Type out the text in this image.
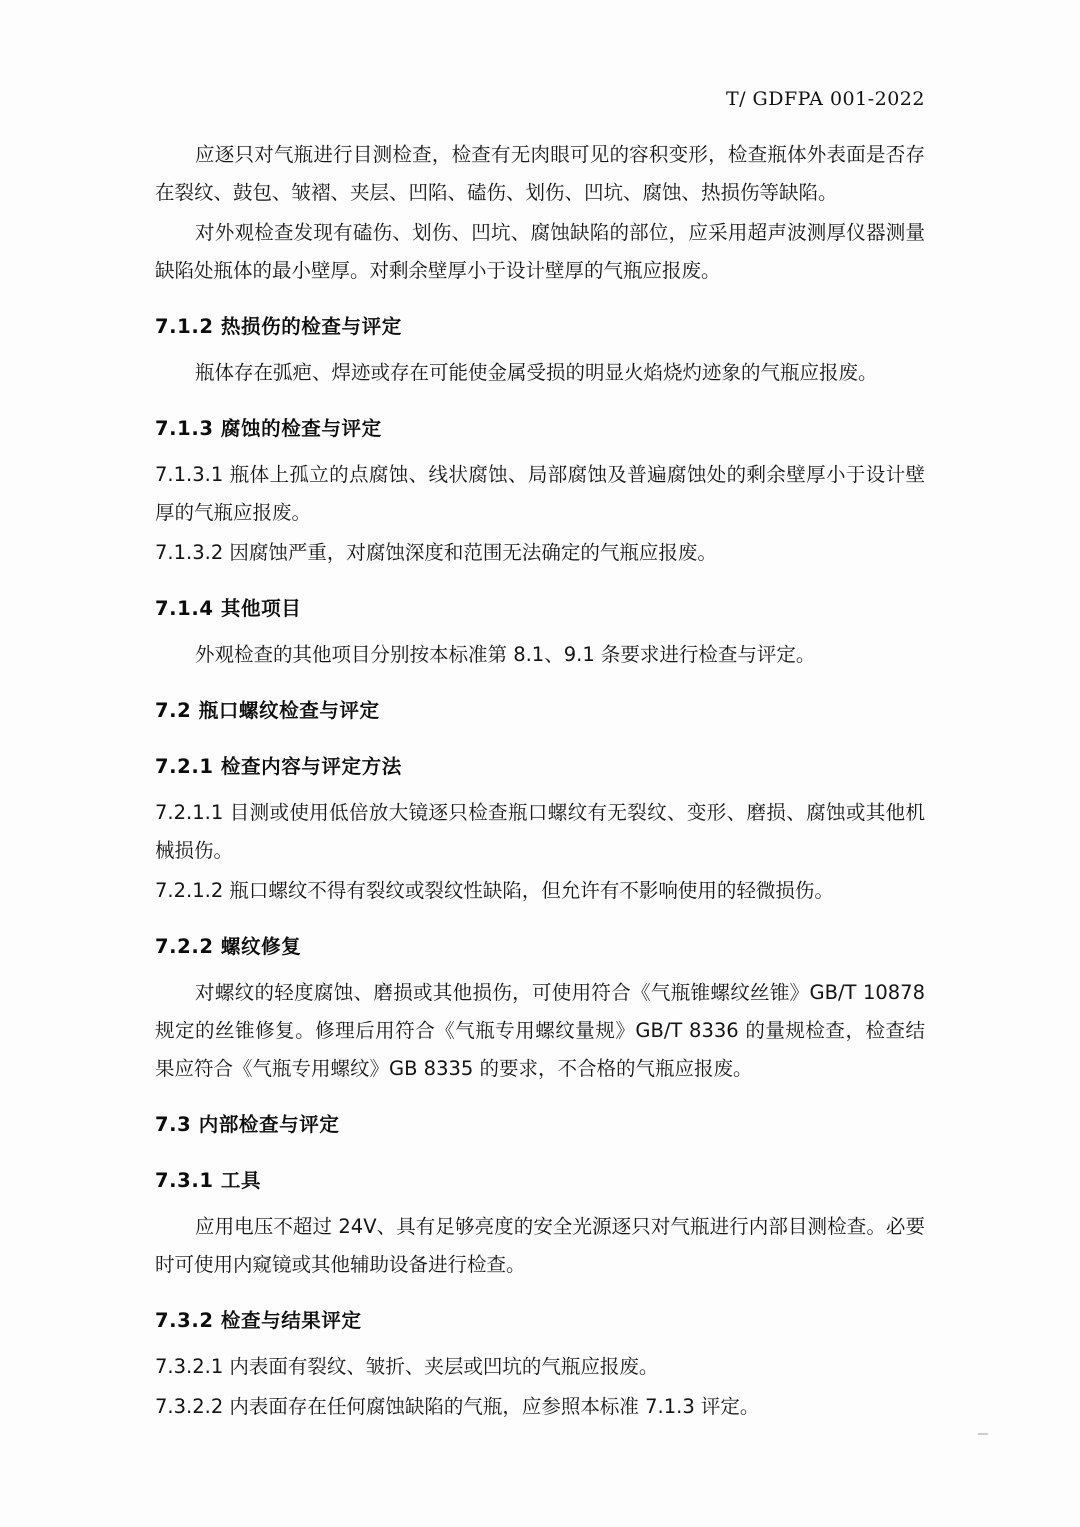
T/ GDFPA 001-2022
应逐只对气瓶进行目测检查，检查有无肉眼可见的容积变形，检查瓶体外表面是否存在裂纹、鼓包、皱褶、夹层、凹陷、磕伤、划伤、凹坑、腐蚀、热损伤等缺陷。
对外观检查发现有磕伤、划伤、凹坑、腐蚀缺陷的部位，应采用超声波测厚仪器测量缺陷处瓶体的最小壁厚。对剩余壁厚小于设计壁厚的气瓶应报废。
7.1.2 热损伤的检查与评定
瓶体存在弧疤、焊迹或存在可能使金属受损的明显火焰烧灼迹象的气瓶应报废。
7.1.3 腐蚀的检查与评定
7.1.3.1 瓶体上孤立的点腐蚀、线状腐蚀、局部腐蚀及普遍腐蚀处的剩余壁厚小于设计壁厚的气瓶应报废。
7.1.3.2 因腐蚀严重，对腐蚀深度和范围无法确定的气瓶应报废。
7.1.4 其他项目
外观检查的其他项目分别按本标准第 8.1、9.1 条要求进行检查与评定。
7.2 瓶口螺纹检查与评定
7.2.1 检查内容与评定方法
7.2.1.1 目测或使用低倍放大镜逐只检查瓶口螺纹有无裂纹、变形、磨损、腐蚀或其他机械损伤。
7.2.1.2 瓶口螺纹不得有裂纹或裂纹性缺陷，但允许有不影响使用的轻微损伤。
7.2.2 螺纹修复
对螺纹的轻度腐蚀、磨损或其他损伤，可使用符合《气瓶锥螺纹丝锥》GB/T 10878 规定的丝锥修复。修理后用符合《气瓶专用螺纹量规》GB/T 8336 的量规检查，检查结果应符合《气瓶专用螺纹》GB 8335 的要求，不合格的气瓶应报废。
7.3 内部检查与评定
7.3.1 工具
应用电压不超过 24V、具有足够亮度的安全光源逐只对气瓶进行内部目测检查。必要时可使用内窥镜或其他辅助设备进行检查。
7.3.2 检查与结果评定
7.3.2.1 内表面有裂纹、皱折、夹层或凹坑的气瓶应报废。
7.3.2.2 内表面存在任何腐蚀缺陷的气瓶，应参照本标准 7.1.3 评定。
